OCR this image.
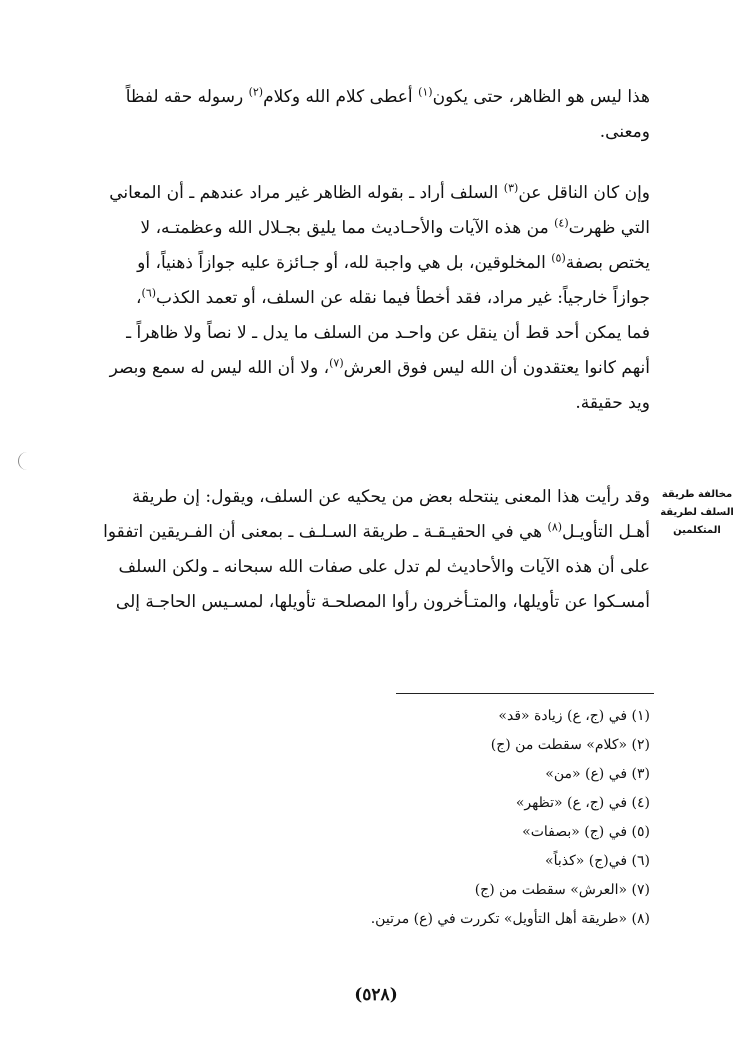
هذا ليس هو الظاهر، حتى يكون$^{(١)}$ أعطى كلام الله وكلام$^{(٢)}$ رسوله حقه لفظاً
ومعنى.
وإن كان الناقل عن$^{(٣)}$ السلف أراد ـ بقوله الظاهر غير مراد عندهم ـ أن المعاني
التي ظهرت$^{(٤)}$ من هذه الآيات والأحـاديث مما يليق بجـلال الله وعظمتـه، لا
يختص بصفة$^{(٥)}$ المخلوقين، بل هي واجبة لله، أو جـائزة عليه جوازاً ذهنياً، أو
جوازاً خارجياً: غير مراد، فقد أخطأ فيما نقله عن السلف، أو تعمد الكذب$^{(٦)}$،
فما يمكن أحد قط أن ينقل عن واحـد من السلف ما يدل ـ لا نصاً ولا ظاهراً ـ
أنهم كانوا يعتقدون أن الله ليس فوق العرش$^{(٧)}$، ولا أن الله ليس له سمع وبصر
ويد حقيقة.
مخالفة طريقة
السلف لطريقة
المتكلمين
وقد رأيت هذا المعنى ينتحله بعض من يحكيه عن السلف، ويقول: إن طريقة
أهـل التأويـل$^{(٨)}$ هي في الحقيـقـة ـ طريقة السـلـف ـ بمعنى أن الفـريقين اتفقوا
على أن هذه الآيات والأحاديث لم تدل على صفات الله سبحانه ـ ولكن السلف
أمسـكوا عن تأويلها، والمتـأخرون رأوا المصلحـة تأويلها، لمسـيس الحاجـة إلى
(١) في (ج، ع) زيادة «قد»
(٢) «كلام» سقطت من (ج)
(٣) في (ع) «من»
(٤) في (ج، ع) «تظهر»
(٥) في (ج) «بصفات»
(٦) في(ج) «كذباً»
(٧) «العرش» سقطت من (ج)
(٨) «طريقة أهل التأويل» تكررت في (ع) مرتين.
(٥٢٨)
